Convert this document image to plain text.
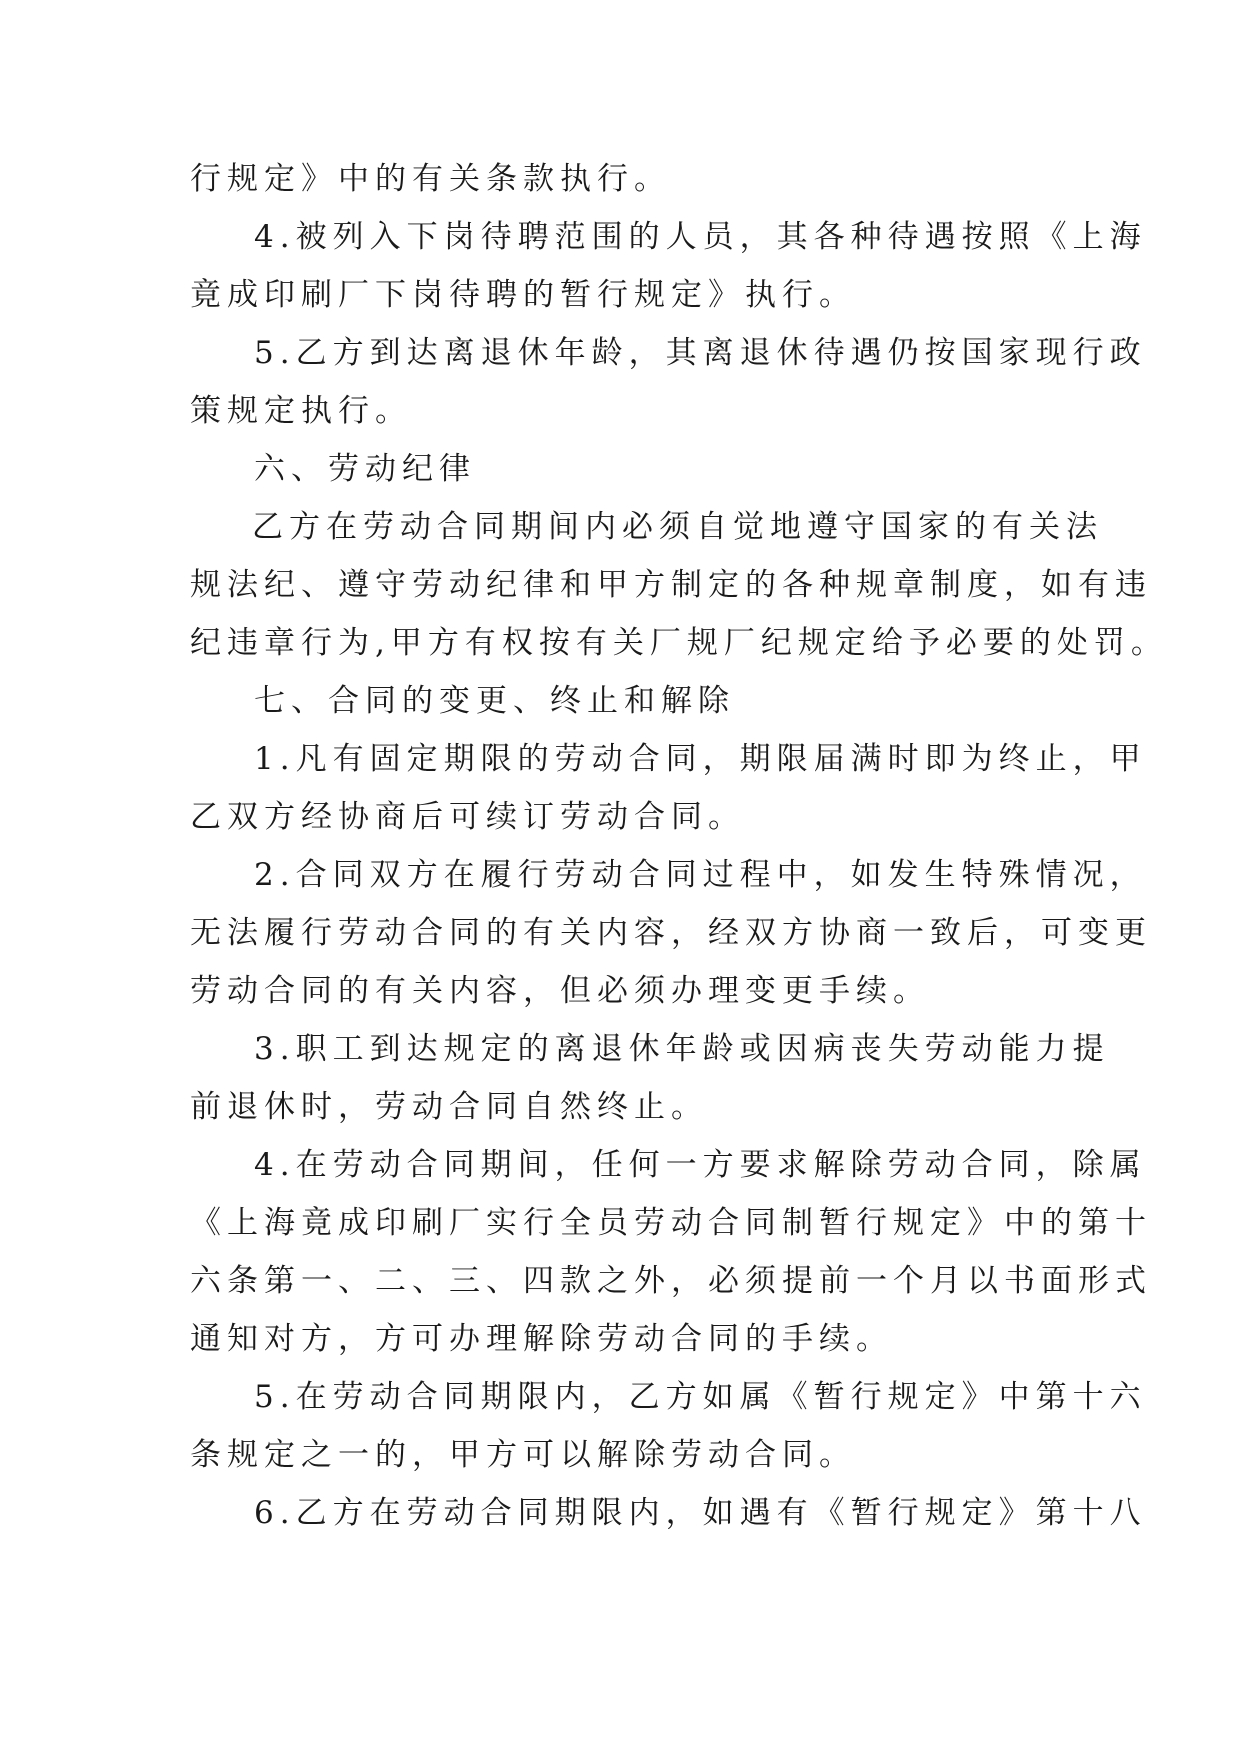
行规定》中的有关条款执行。
4.被列入下岗待聘范围的人员，其各种待遇按照《上海
竟成印刷厂下岗待聘的暂行规定》执行。
5.乙方到达离退休年龄，其离退休待遇仍按国家现行政
策规定执行。
六、劳动纪律
乙方在劳动合同期间内必须自觉地遵守国家的有关法
规法纪、遵守劳动纪律和甲方制定的各种规章制度，如有违
纪违章行为,甲方有权按有关厂规厂纪规定给予必要的处罚。
七、合同的变更、终止和解除
1.凡有固定期限的劳动合同，期限届满时即为终止，甲
乙双方经协商后可续订劳动合同。
2.合同双方在履行劳动合同过程中，如发生特殊情况，
无法履行劳动合同的有关内容，经双方协商一致后，可变更
劳动合同的有关内容，但必须办理变更手续。
3.职工到达规定的离退休年龄或因病丧失劳动能力提
前退休时，劳动合同自然终止。
4.在劳动合同期间，任何一方要求解除劳动合同，除属
《上海竟成印刷厂实行全员劳动合同制暂行规定》中的第十
六条第一、二、三、四款之外，必须提前一个月以书面形式
通知对方，方可办理解除劳动合同的手续。
5.在劳动合同期限内，乙方如属《暂行规定》中第十六
条规定之一的，甲方可以解除劳动合同。
6.乙方在劳动合同期限内，如遇有《暂行规定》第十八
